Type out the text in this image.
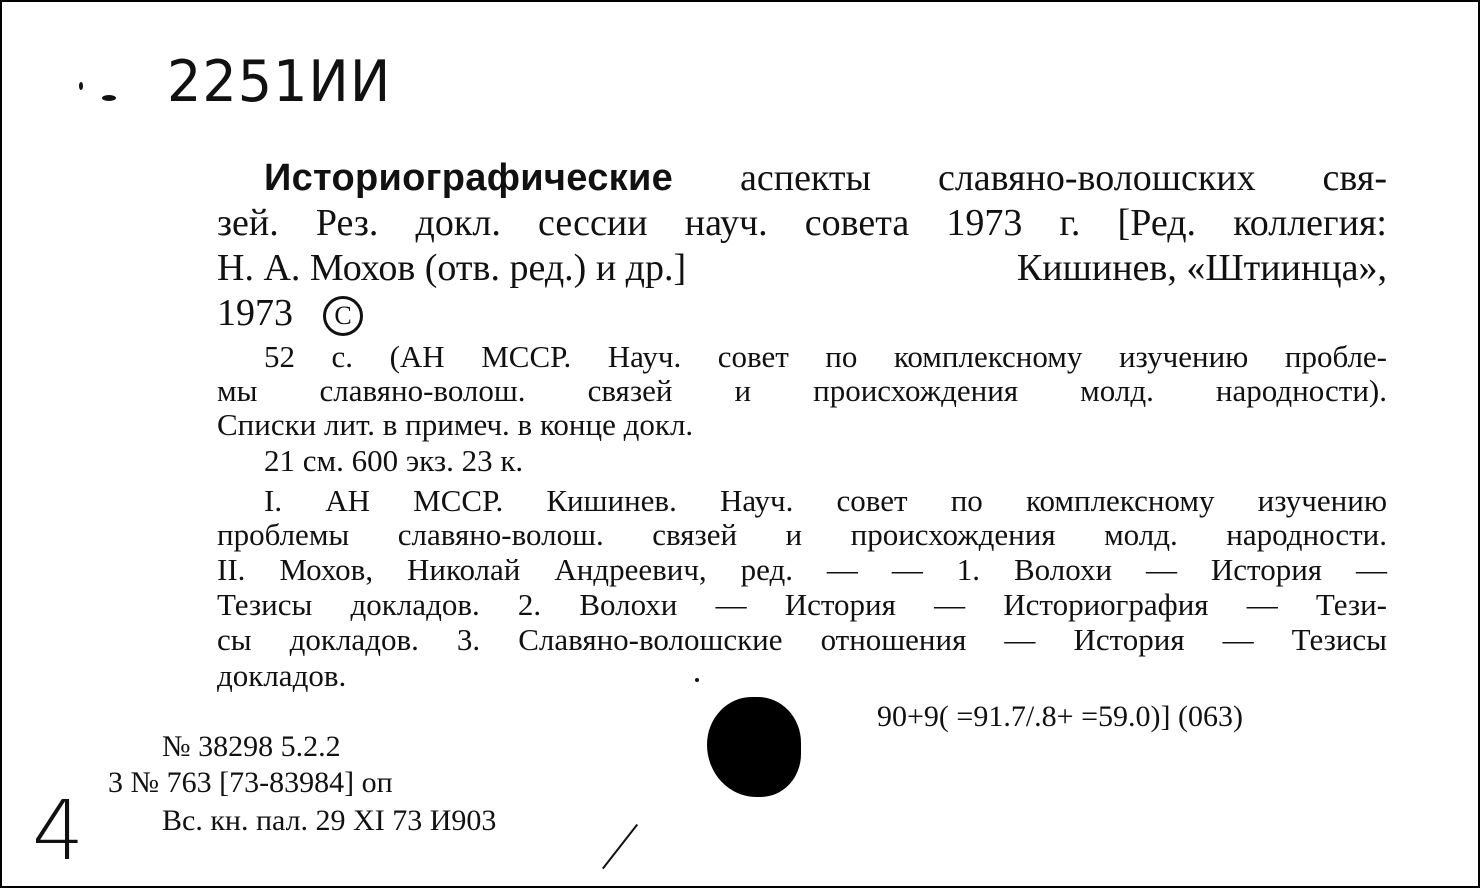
2251ИИ
Историографические аспекты славяно-волошских свя-
зей. Рез. докл. сессии науч. совета 1973 г. [Ред. коллегия:
Н. А. Мохов (отв. ред.) и др.]	Кишинев, «Штиинца»,
1973 C
52 с. (АН МССР. Науч. совет по комплексному изучению пробле-
мы славяно-волош. связей и происхождения молд. народности).
Списки лит. в примеч. в конце докл.
21 см. 600 экз. 23 к.
I. АН МССР. Кишинев. Науч. совет по комплексному изучению
проблемы славяно-волош. связей и происхождения молд. народности.
II. Мохов, Николай Андреевич, ред. — — 1. Волохи — История —
Тезисы докладов. 2. Волохи — История — Историография — Тези-
сы докладов. 3. Славяно-волошские отношения — История — Тезисы
докладов.
90+9( =91.7/.8+ =59.0)] (063)
№ 38298 5.2.2
3 № 763 [73-83984] оп
Вс. кн. пал. 29 XI 73 И903
4
